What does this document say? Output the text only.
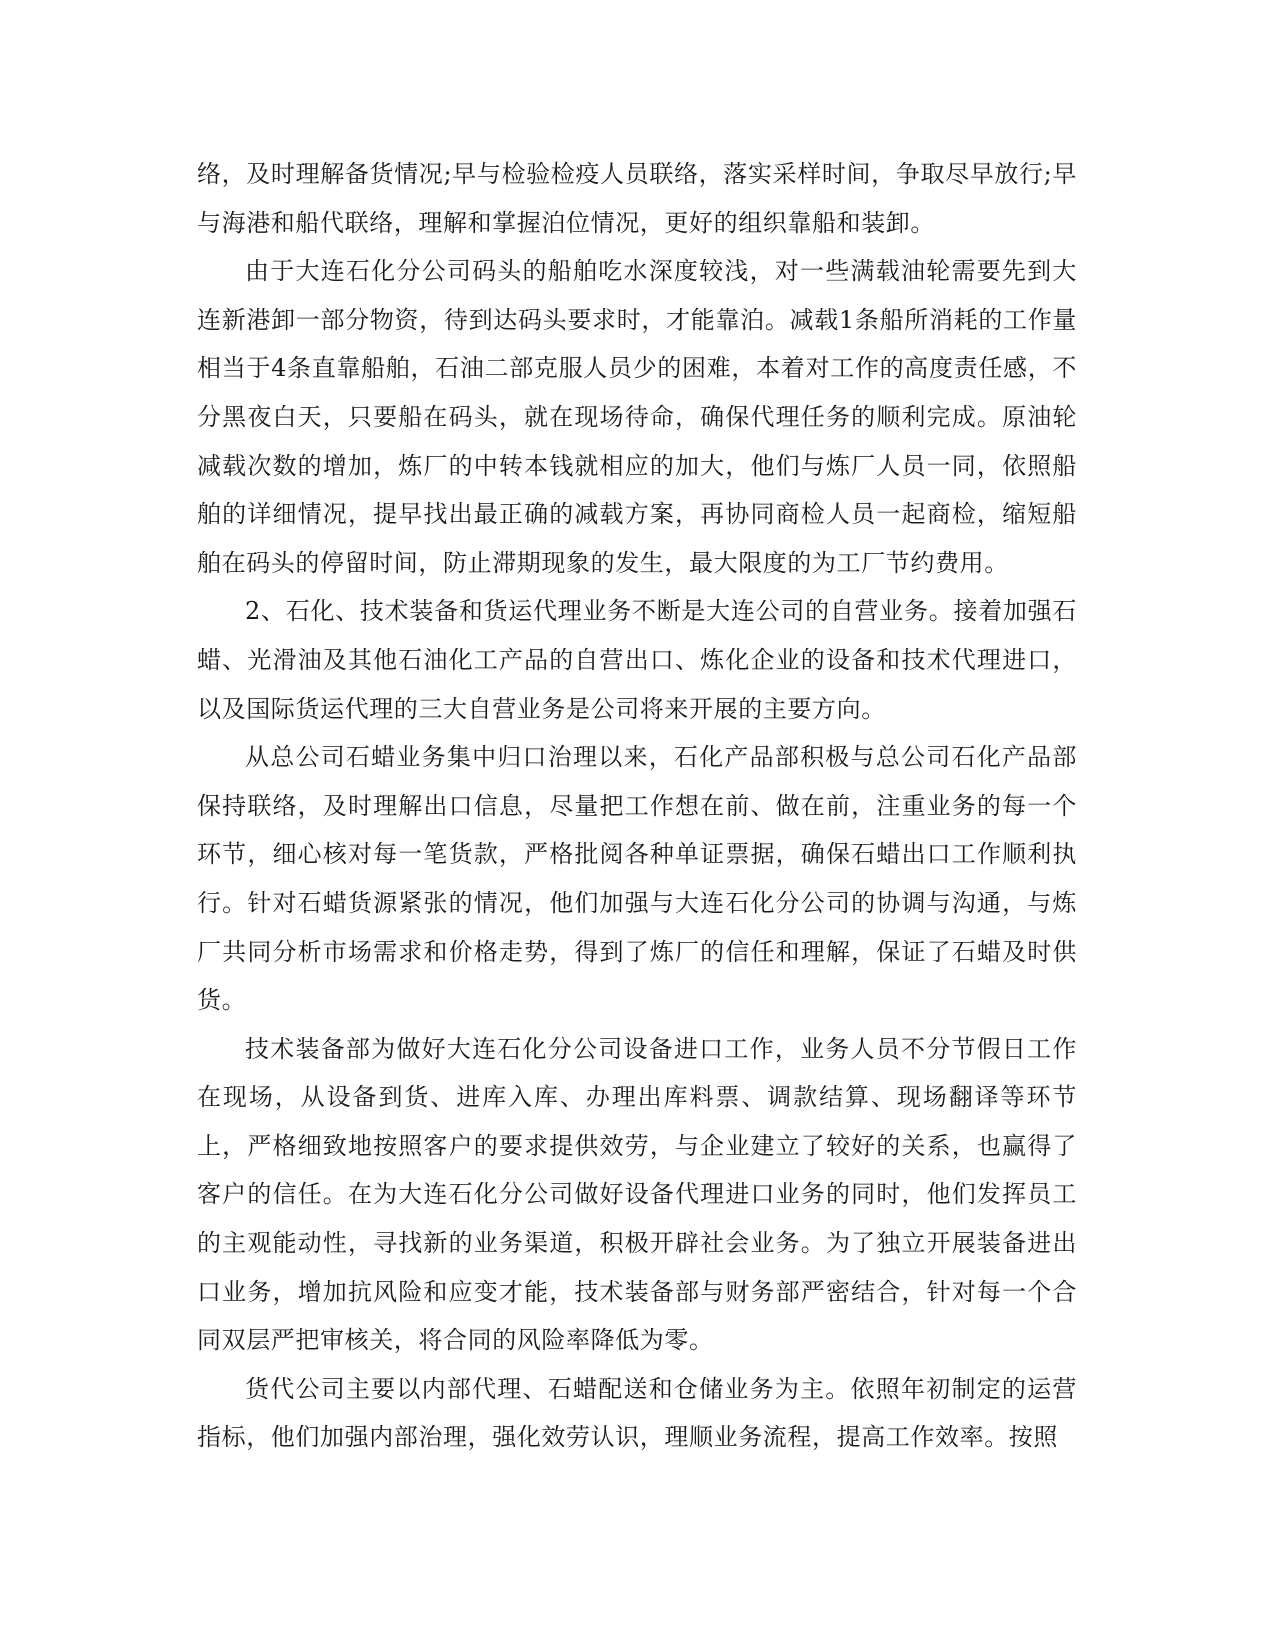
络，及时理解备货情况;早与检验检疫人员联络，落实采样时间，争取尽早放行;早与海港和船代联络，理解和掌握泊位情况，更好的组织靠船和装卸。

由于大连石化分公司码头的船舶吃水深度较浅，对一些满载油轮需要先到大连新港卸一部分物资，待到达码头要求时，才能靠泊。减载1条船所消耗的工作量相当于4条直靠船舶，石油二部克服人员少的困难，本着对工作的高度责任感，不分黑夜白天，只要船在码头，就在现场待命，确保代理任务的顺利完成。原油轮减载次数的增加，炼厂的中转本钱就相应的加大，他们与炼厂人员一同，依照船舶的详细情况，提早找出最正确的减载方案，再协同商检人员一起商检，缩短船舶在码头的停留时间，防止滞期现象的发生，最大限度的为工厂节约费用。

2、石化、技术装备和货运代理业务不断是大连公司的自营业务。接着加强石蜡、光滑油及其他石油化工产品的自营出口、炼化企业的设备和技术代理进口，以及国际货运代理的三大自营业务是公司将来开展的主要方向。

从总公司石蜡业务集中归口治理以来，石化产品部积极与总公司石化产品部保持联络，及时理解出口信息，尽量把工作想在前、做在前，注重业务的每一个环节，细心核对每一笔货款，严格批阅各种单证票据，确保石蜡出口工作顺利执行。针对石蜡货源紧张的情况，他们加强与大连石化分公司的协调与沟通，与炼厂共同分析市场需求和价格走势，得到了炼厂的信任和理解，保证了石蜡及时供货。

技术装备部为做好大连石化分公司设备进口工作，业务人员不分节假日工作在现场，从设备到货、进库入库、办理出库料票、调款结算、现场翻译等环节上，严格细致地按照客户的要求提供效劳，与企业建立了较好的关系，也赢得了客户的信任。在为大连石化分公司做好设备代理进口业务的同时，他们发挥员工的主观能动性，寻找新的业务渠道，积极开辟社会业务。为了独立开展装备进出口业务，增加抗风险和应变才能，技术装备部与财务部严密结合，针对每一个合同双层严把审核关，将合同的风险率降低为零。

货代公司主要以内部代理、石蜡配送和仓储业务为主。依照年初制定的运营指标，他们加强内部治理，强化效劳认识，理顺业务流程，提高工作效率。按照
